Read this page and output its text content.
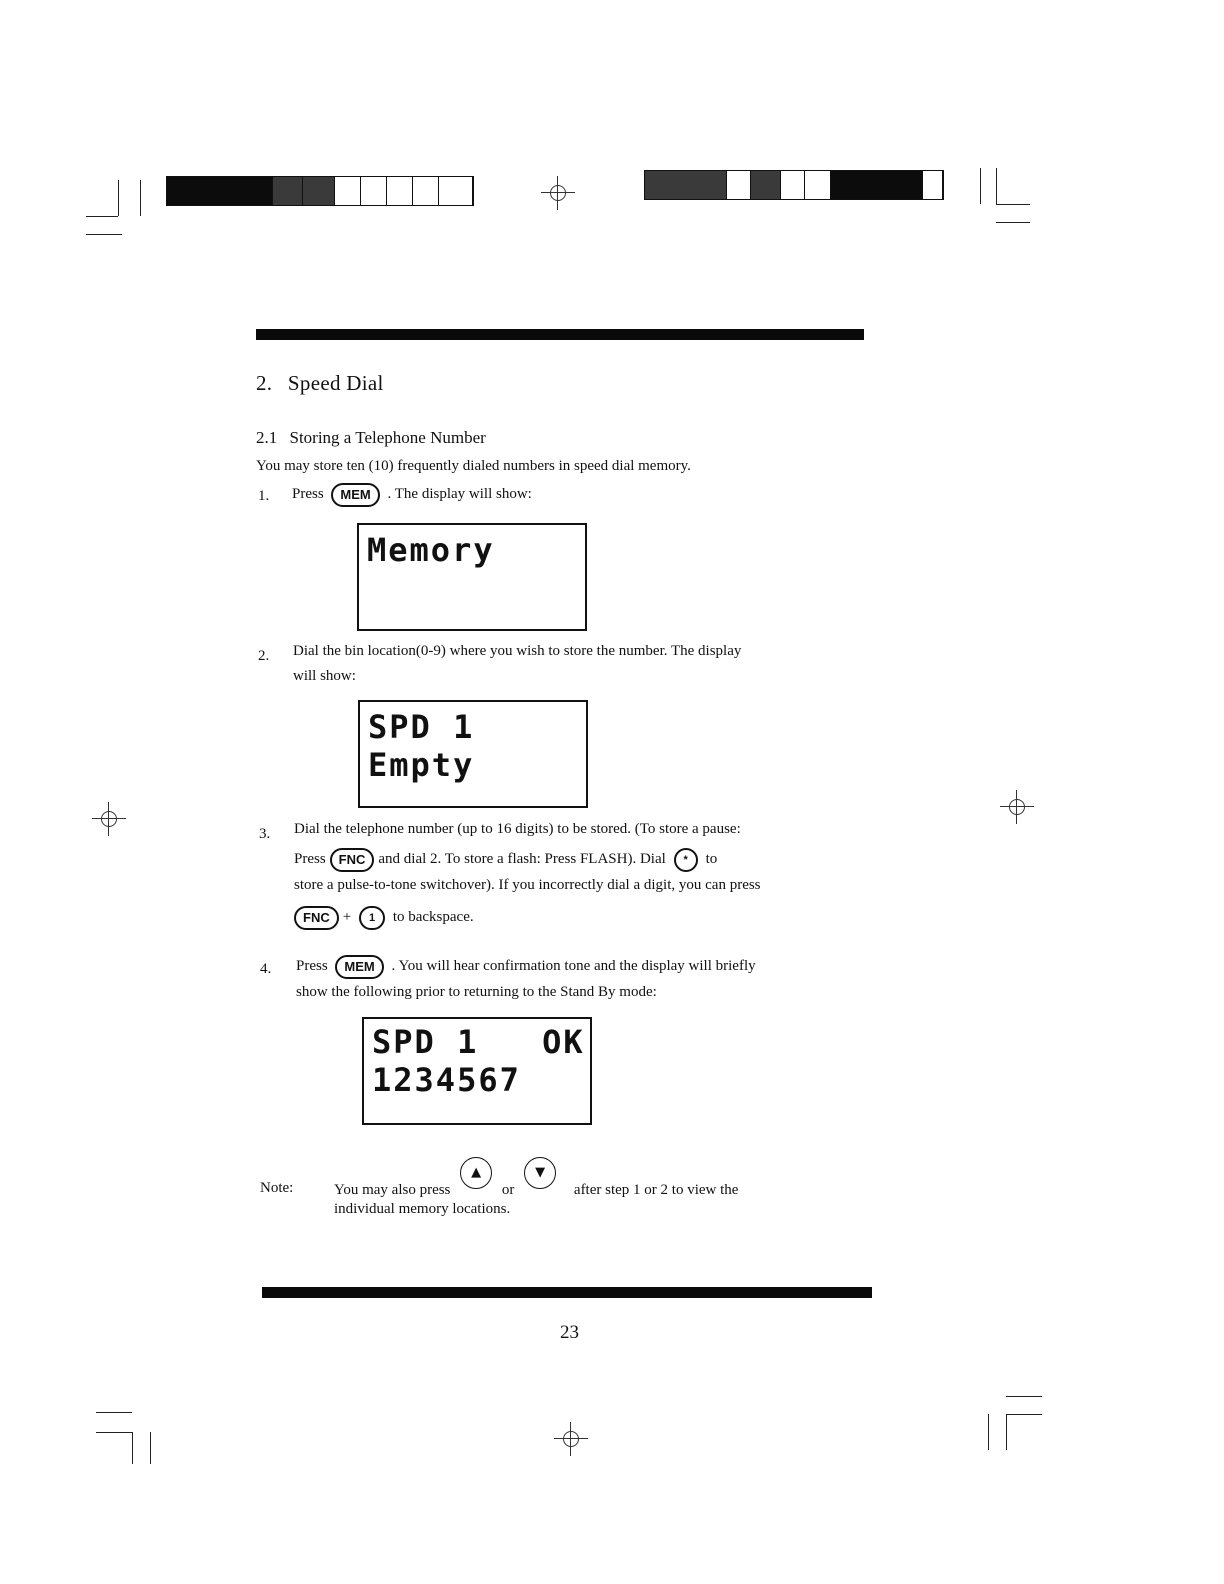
2. Speed Dial
2.1 Storing a Telephone Number
You may store ten (10) frequently dialed numbers in speed dial memory.
1. Press MEM . The display will show:
Memory
2. Dial the bin location(0-9) where you wish to store the number. The display
will show:
SPD 1
Empty
3. Dial the telephone number (up to 16 digits) to be stored. (To store a pause:
Press FNC and dial 2. To store a flash: Press FLASH). Dial * to
store a pulse-to-tone switchover). If you incorrectly dial a digit, you can press
FNC + 1 to backspace.
4. Press MEM . You will hear confirmation tone and the display will briefly
show the following prior to returning to the Stand By mode:
SPD 1   OK
1234567
Note:	You may also press ▲ or ▼ after step 1 or 2 to view the
individual memory locations.
23
